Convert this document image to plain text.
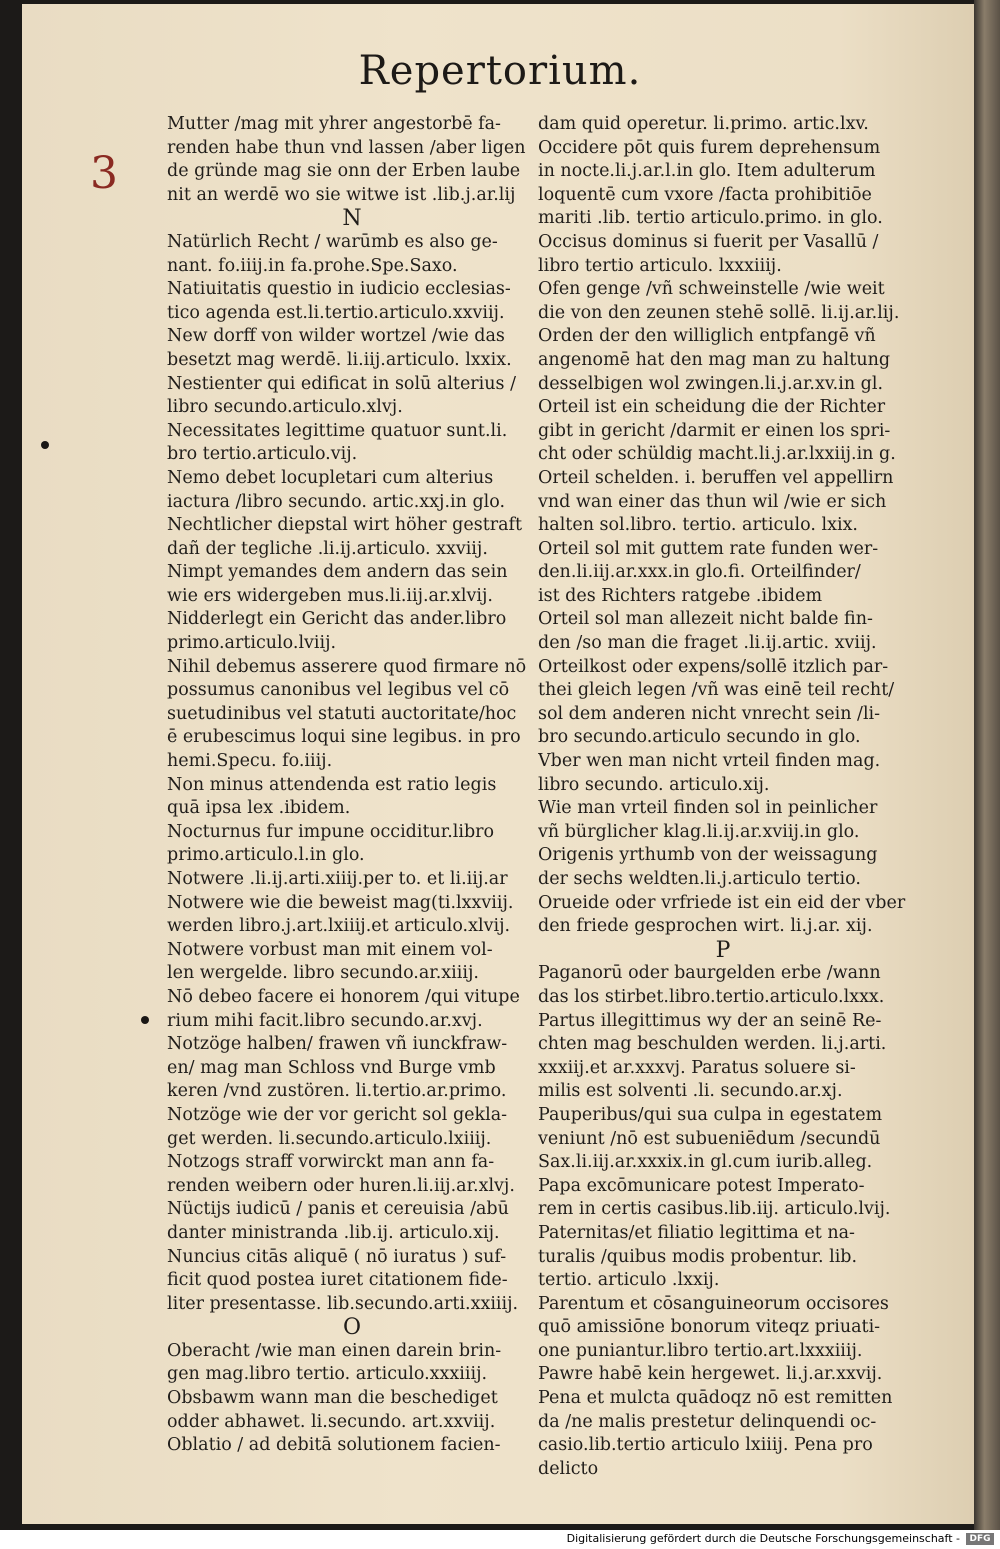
Repertorium.
3
Mutter /mag mit yhrer angestorbē fa-
renden habe thun vnd lassen /aber ligen
de gründe mag sie onn der Erben laube
nit an werdē wo sie witwe ist .lib.j.ar.lij
N
Natürlich Recht / warūmb es also ge-
nant. fo.iiij.in fa.prohe.Spe.Saxo.
Natiuitatis questio in iudicio ecclesias-
tico agenda est.li.tertio.articulo.xxviij.
New dorff von wilder wortzel /wie das
besetzt mag werdē. li.iij.articulo. lxxix.
Nestienter qui edificat in solū alterius /
libro secundo.articulo.xlvj.
Necessitates legittime quatuor sunt.li.
bro tertio.articulo.vij.
Nemo debet locupletari cum alterius
iactura /libro secundo. artic.xxj.in glo.
Nechtlicher diepstal wirt höher gestraft
dañ der tegliche .li.ij.articulo. xxviij.
Nimpt yemandes dem andern das sein
wie ers widergeben mus.li.iij.ar.xlvij.
Nidderlegt ein Gericht das ander.libro
primo.articulo.lviij.
Nihil debemus asserere quod firmare nō
possumus canonibus vel legibus vel cō
suetudinibus vel statuti auctoritate/hoc
ē erubescimus loqui sine legibus. in pro
hemi.Specu. fo.iiij.
Non minus attendenda est ratio legis
quā ipsa lex .ibidem.
Nocturnus fur impune occiditur.libro
primo.articulo.l.in glo.
Notwere .li.ij.arti.xiiij.per to. et li.iij.ar
Notwere wie die beweist mag(ti.lxxviij.
werden libro.j.art.lxiiij.et articulo.xlvij.
Notwere vorbust man mit einem vol-
len wergelde. libro secundo.ar.xiiij.
Nō debeo facere ei honorem /qui vitupe
rium mihi facit.libro secundo.ar.xvj.
Notzöge halben/ frawen vñ iunckfraw-
en/ mag man Schloss vnd Burge vmb
keren /vnd zustören. li.tertio.ar.primo.
Notzöge wie der vor gericht sol gekla-
get werden. li.secundo.articulo.lxiiij.
Notzogs straff vorwirckt man ann fa-
renden weibern oder huren.li.iij.ar.xlvj.
Nüctijs iudicū / panis et cereuisia /abū
danter ministranda .lib.ij. articulo.xij.
Nuncius citās aliquē ( nō iuratus ) suf-
ficit quod postea iuret citationem fide-
liter presentasse. lib.secundo.arti.xxiiij.
O
Oberacht /wie man einen darein brin-
gen mag.libro tertio. articulo.xxxiiij.
Obsbawm wann man die beschediget
odder abhawet. li.secundo. art.xxviij.
Oblatio / ad debitā solutionem facien-
dam quid operetur. li.primo. artic.lxv.
Occidere pōt quis furem deprehensum
in nocte.li.j.ar.l.in glo. Item adulterum
loquentē cum vxore /facta prohibitiōe
mariti .lib. tertio articulo.primo. in glo.
Occisus dominus si fuerit per Vasallū /
libro tertio articulo. lxxxiiij.
Ofen genge /vñ schweinstelle /wie weit
die von den zeunen stehē sollē. li.ij.ar.lij.
Orden der den williglich entpfangē vñ
angenomē hat den mag man zu haltung
desselbigen wol zwingen.li.j.ar.xv.in gl.
Orteil ist ein scheidung die der Richter
gibt in gericht /darmit er einen los spri-
cht oder schüldig macht.li.j.ar.lxxiij.in g.
Orteil schelden. i. beruffen vel appellirn
vnd wan einer das thun wil /wie er sich
halten sol.libro. tertio. articulo. lxix.
Orteil sol mit guttem rate funden wer-
den.li.iij.ar.xxx.in glo.fi. Orteilfinder/
ist des Richters ratgebe .ibidem
Orteil sol man allezeit nicht balde fin-
den /so man die fraget .li.ij.artic. xviij.
Orteilkost oder expens/sollē itzlich par-
thei gleich legen /vñ was einē teil recht/
sol dem anderen nicht vnrecht sein /li-
bro secundo.articulo secundo in glo.
Vber wen man nicht vrteil finden mag.
libro secundo. articulo.xij.
Wie man vrteil finden sol in peinlicher
vñ bürglicher klag.li.ij.ar.xviij.in glo.
Origenis yrthumb von der weissagung
der sechs weldten.li.j.articulo tertio.
Orueide oder vrfriede ist ein eid der vber
den friede gesprochen wirt. li.j.ar. xij.
P
Paganorū oder baurgelden erbe /wann
das los stirbet.libro.tertio.articulo.lxxx.
Partus illegittimus wy der an seinē Re-
chten mag beschulden werden. li.j.arti.
xxxiij.et ar.xxxvj. Paratus soluere si-
milis est solventi .li. secundo.ar.xj.
Pauperibus/qui sua culpa in egestatem
veniunt /nō est subueniēdum /secundū
Sax.li.iij.ar.xxxix.in gl.cum iurib.alleg.
Papa excōmunicare potest Imperato-
rem in certis casibus.lib.iij. articulo.lvij.
Paternitas/et filiatio legittima et na-
turalis /quibus modis probentur. lib.
tertio. articulo .lxxij.
Parentum et cōsanguineorum occisores
quō amissiōne bonorum viteqz priuati-
one puniantur.libro tertio.art.lxxxiiij.
Pawre habē kein hergewet. li.j.ar.xxvij.
Pena et mulcta quādoqz nō est remitten
da /ne malis prestetur delinquendi oc-
casio.lib.tertio articulo lxiiij. Pena pro
delicto
Digitalisierung gefördert durch die Deutsche Forschungsgemeinschaft -	DFG
